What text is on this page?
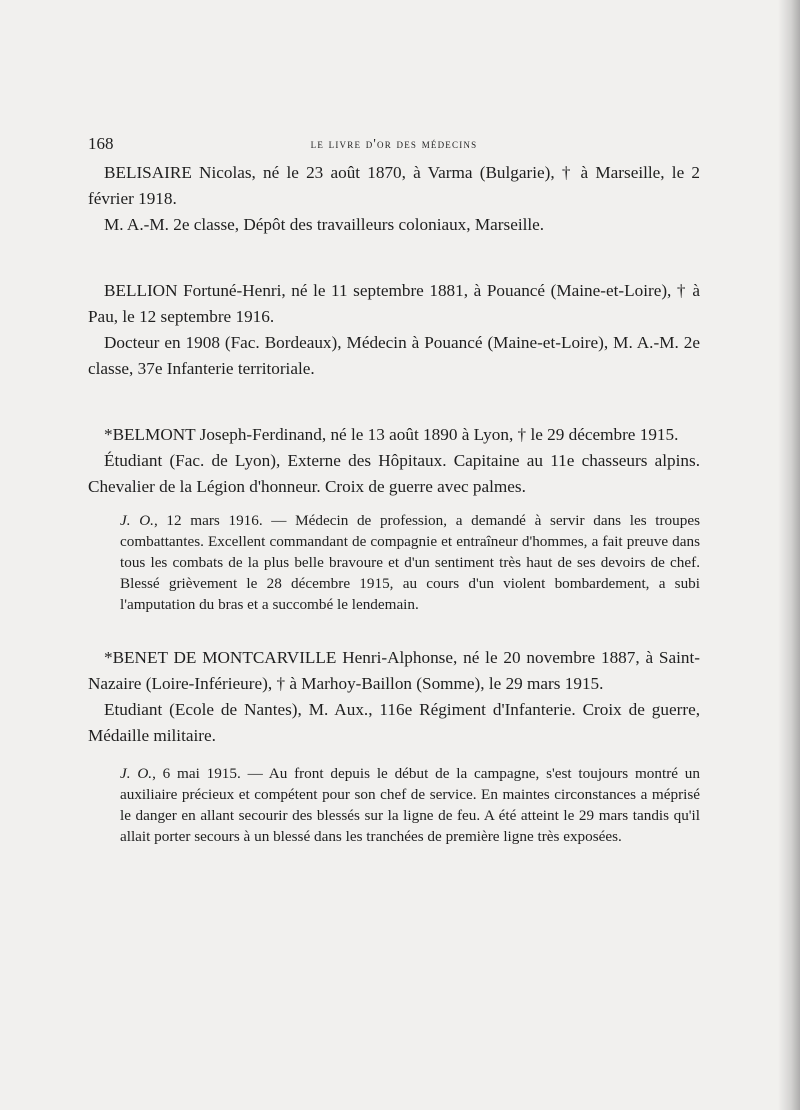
168	le livre d'or des médecins

BELISAIRE Nicolas, né le 23 août 1870, à Varma (Bulgarie), † à Marseille, le 2 février 1918.

M. A.-M. 2e classe, Dépôt des travailleurs coloniaux, Marseille.

BELLION Fortuné-Henri, né le 11 septembre 1881, à Pouancé (Maine-et-Loire), † à Pau, le 12 septembre 1916.

Docteur en 1908 (Fac. Bordeaux), Médecin à Pouancé (Maine-et-Loire), M. A.-M. 2e classe, 37e Infanterie territoriale.

*BELMONT Joseph-Ferdinand, né le 13 août 1890 à Lyon, † le 29 décembre 1915.

Étudiant (Fac. de Lyon), Externe des Hôpitaux. Capitaine au 11e chasseurs alpins. Chevalier de la Légion d'honneur. Croix de guerre avec palmes.

J. O., 12 mars 1916. — Médecin de profession, a demandé à servir dans les troupes combattantes. Excellent commandant de compagnie et entraîneur d'hommes, a fait preuve dans tous les combats de la plus belle bravoure et d'un sentiment très haut de ses devoirs de chef. Blessé grièvement le 28 décembre 1915, au cours d'un violent bombardement, a subi l'amputation du bras et a succombé le lendemain.

*BENET DE MONTCARVILLE Henri-Alphonse, né le 20 novembre 1887, à Saint-Nazaire (Loire-Inférieure), † à Marhoy-Baillon (Somme), le 29 mars 1915.

Etudiant (Ecole de Nantes), M. Aux., 116e Régiment d'Infanterie. Croix de guerre, Médaille militaire.

J. O., 6 mai 1915. — Au front depuis le début de la campagne, s'est toujours montré un auxiliaire précieux et compétent pour son chef de service. En maintes circonstances a méprisé le danger en allant secourir des blessés sur la ligne de feu. A été atteint le 29 mars tandis qu'il allait porter secours à un blessé dans les tranchées de première ligne très exposées.
